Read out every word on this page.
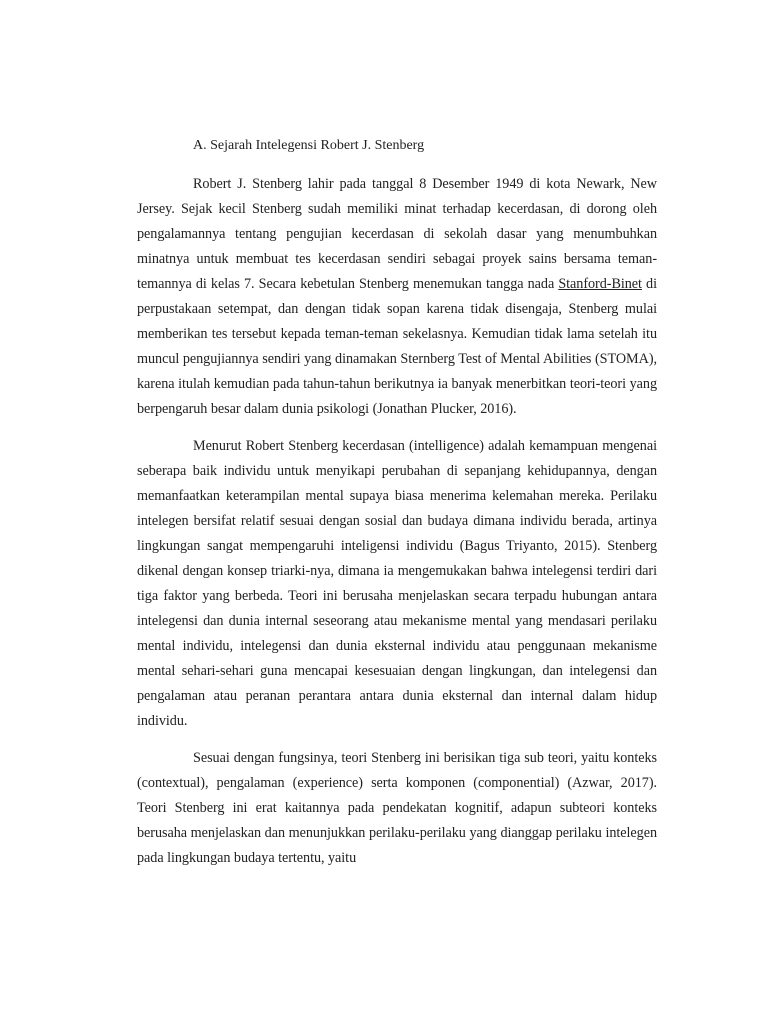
A. Sejarah Intelegensi Robert J. Stenberg

Robert J. Stenberg lahir pada tanggal 8 Desember 1949 di kota Newark, New Jersey. Sejak kecil Stenberg sudah memiliki minat terhadap kecerdasan, di dorong oleh pengalamannya tentang pengujian kecerdasan di sekolah dasar yang menumbuhkan minatnya untuk membuat tes kecerdasan sendiri sebagai proyek sains bersama teman-temannya di kelas 7. Secara kebetulan Stenberg menemukan tangga nada Stanford-Binet di perpustakaan setempat, dan dengan tidak sopan karena tidak disengaja, Stenberg mulai memberikan tes tersebut kepada teman-teman sekelasnya. Kemudian tidak lama setelah itu muncul pengujiannya sendiri yang dinamakan Sternberg Test of Mental Abilities (STOMA), karena itulah kemudian pada tahun-tahun berikutnya ia banyak menerbitkan teori-teori yang berpengaruh besar dalam dunia psikologi (Jonathan Plucker, 2016).

Menurut Robert Stenberg kecerdasan (intelligence) adalah kemampuan mengenai seberapa baik individu untuk menyikapi perubahan di sepanjang kehidupannya, dengan memanfaatkan keterampilan mental supaya biasa menerima kelemahan mereka. Perilaku intelegen bersifat relatif sesuai dengan sosial dan budaya dimana individu berada, artinya lingkungan sangat mempengaruhi inteligensi individu (Bagus Triyanto, 2015). Stenberg dikenal dengan konsep triarki-nya, dimana ia mengemukakan bahwa intelegensi terdiri dari tiga faktor yang berbeda. Teori ini berusaha menjelaskan secara terpadu hubungan antara intelegensi dan dunia internal seseorang atau mekanisme mental yang mendasari perilaku mental individu, intelegensi dan dunia eksternal individu atau penggunaan mekanisme mental sehari-sehari guna mencapai kesesuaian dengan lingkungan, dan intelegensi dan pengalaman atau peranan perantara antara dunia eksternal dan internal dalam hidup individu.

Sesuai dengan fungsinya, teori Stenberg ini berisikan tiga sub teori, yaitu konteks (contextual), pengalaman (experience) serta komponen (componential) (Azwar, 2017). Teori Stenberg ini erat kaitannya pada pendekatan kognitif, adapun subteori konteks berusaha menjelaskan dan menunjukkan perilaku-perilaku yang dianggap perilaku intelegen pada lingkungan budaya tertentu, yaitu
